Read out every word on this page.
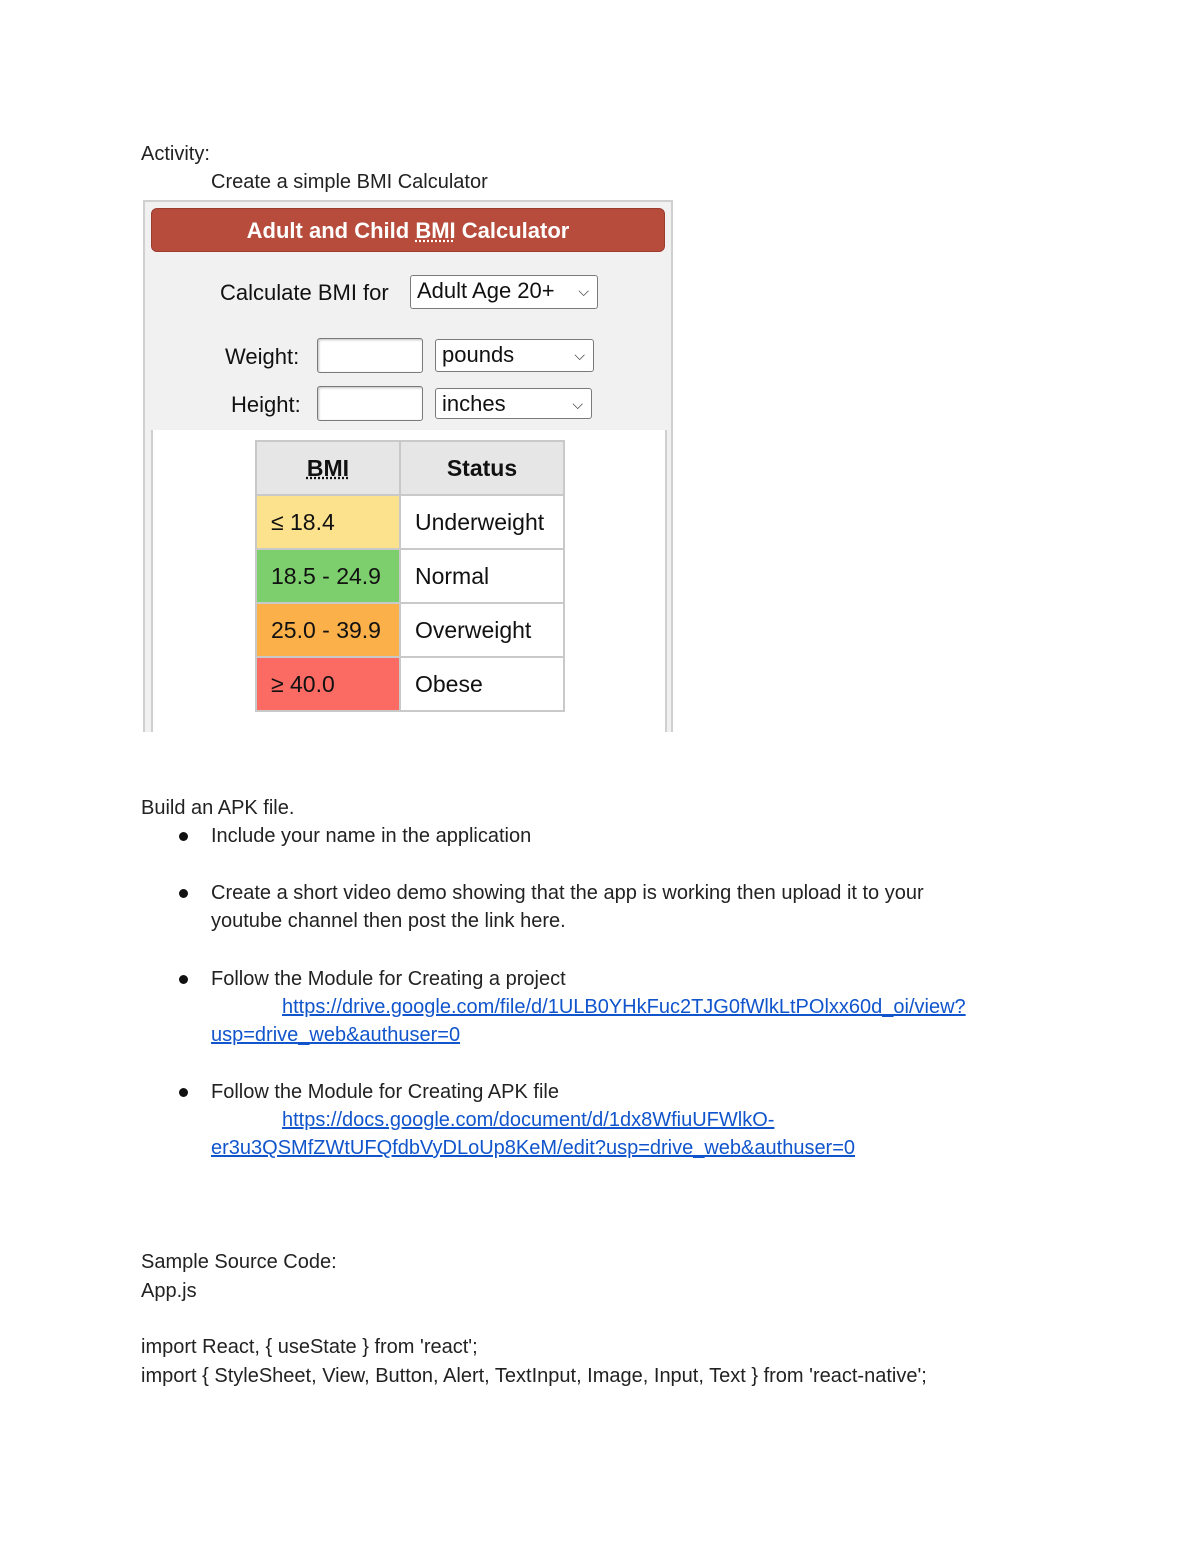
Activity:
Create a simple BMI Calculator
Adult and Child BMI Calculator
Calculate BMI for	Adult Age 20+ ⌵
Weight:	pounds	⌵
Height:	inches	⌵
BMI	Status
≤ 18.4	Underweight
18.5 - 24.9	Normal
25.0 - 39.9	Overweight
≥ 40.0	Obese
Build an APK file.
Include your name in the application
Create a short video demo showing that the app is working then upload it to your
youtube channel then post the link here.
Follow the Module for Creating a project
https://drive.google.com/file/d/1ULB0YHkFuc2TJG0fWlkLtPOlxx60d_oi/view?
usp=drive_web&authuser=0
Follow the Module for Creating APK file
https://docs.google.com/document/d/1dx8WfiuUFWlkO-
er3u3QSMfZWtUFQfdbVyDLoUp8KeM/edit?usp=drive_web&authuser=0
Sample Source Code:
App.js
import React, { useState } from 'react';
import { StyleSheet, View, Button, Alert, TextInput, Image, Input, Text } from 'react-native';
